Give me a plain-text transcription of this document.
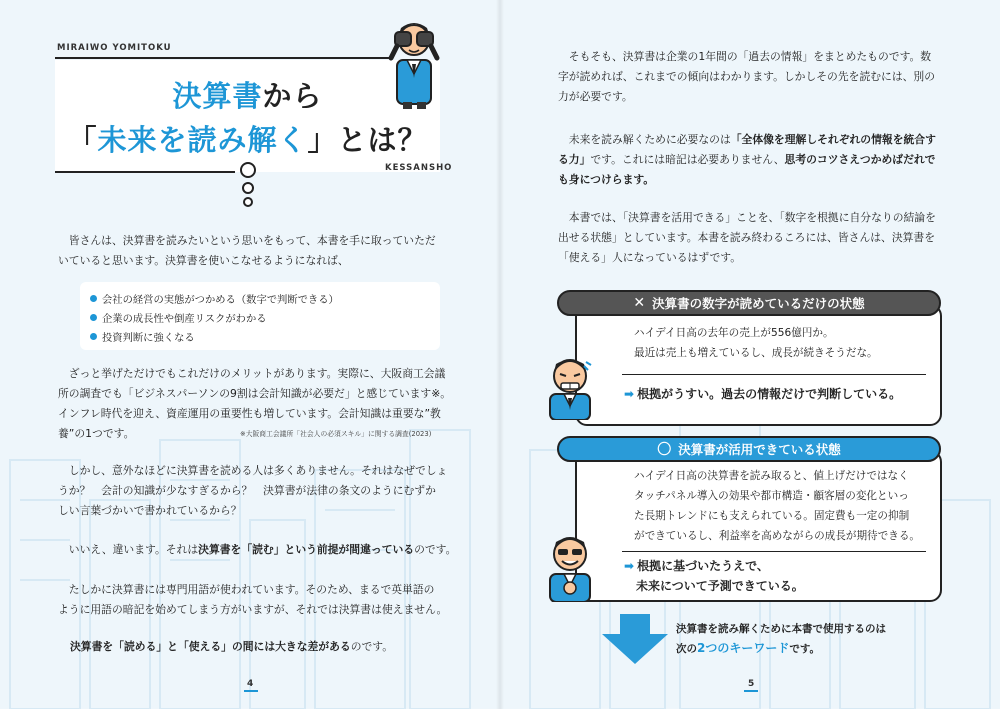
MIRAIWO YOMITOKU
決算書から
「未来を読み解く」とは？
KESSANSHO
　皆さんは、決算書を読みたいという思いをもって、本書を手に取っていただ
いていると思います。決算書を使いこなせるようになれば、
会社の経営の実態がつかめる（数字で判断できる）
企業の成長性や倒産リスクがわかる
投資判断に強くなる
　ざっと挙げただけでもこれだけのメリットがあります。実際に、大阪商工会議
所の調査でも「ビジネスパーソンの9割は会計知識が必要だ」と感じています※。
インフレ時代を迎え、資産運用の重要性も増しています。会計知識は重要な”教
養”の1つです。	※大阪商工会議所「社会人の必須スキル」に関する調査(2023)
　しかし、意外なほどに決算書を読める人は多くありません。それはなぜでしょ
うか？　会計の知識が少なすぎるから？　決算書が法律の条文のようにむずか
しい言葉づかいで書かれているから？
　いいえ、違います。それは決算書を「読む」という前提が間違っているのです。
　たしかに決算書には専門用語が使われています。そのため、まるで英単語の
ように用語の暗記を始めてしまう方がいますが、それでは決算書は使えません。
決算書を「読める」と「使える」の間には大きな差があるのです。
4
　そもそも、決算書は企業の1年間の「過去の情報」をまとめたものです。数
字が読めれば、これまでの傾向はわかります。しかしその先を読むには、別の
力が必要です。
　未来を読み解くために必要なのは「全体像を理解しそれぞれの情報を統合す
る力」です。これには暗記は必要ありません、思考のコツさえつかめばだれで
も身につけらます。
　本書では、「決算書を活用できる」ことを、「数字を根拠に自分なりの結論を
出せる状態」としています。本書を読み終わるころには、皆さんは、決算書を
「使える」人になっているはずです。
✕ 決算書の数字が読めているだけの状態
ハイデイ日高の去年の売上が556億円か。
最近は売上も増えているし、成長が続きそうだな。
➡ 根拠がうすい。過去の情報だけで判断している。
〇 決算書が活用できている状態
ハイデイ日高の決算書を読み取ると、値上げだけではなく
タッチパネル導入の効果や都市構造・顧客層の変化といっ
た長期トレンドにも支えられている。固定費も一定の抑制
ができているし、利益率を高めながらの成長が期待できる。
➡ 根拠に基づいたうえで、
未来について予測できている。
決算書を読み解くために本書で使用するのは
次の2つのキーワードです。
5
